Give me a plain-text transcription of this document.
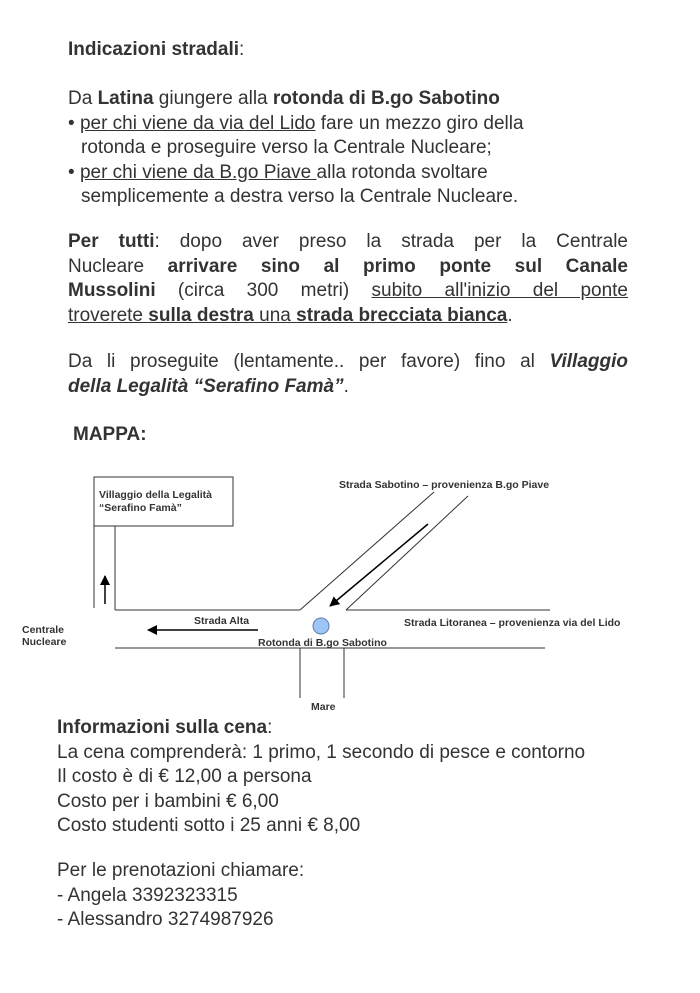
Indicazioni stradali:
Da Latina giungere alla rotonda di B.go Sabotino
• per chi viene da via del Lido fare un mezzo giro della
rotonda e proseguire verso la Centrale Nucleare;
• per chi viene da B.go Piave alla rotonda svoltare
semplicemente a destra verso la Centrale Nucleare.
Per tutti: dopo aver preso la strada per la Centrale
Nucleare arrivare sino al primo ponte sul Canale
Mussolini (circa 300 metri) subito all'inizio del ponte
troverete sulla destra una strada brecciata bianca.
Da li proseguite (lentamente.. per favore) fino al Villaggio
della Legalità “Serafino Famà”.
MAPPA:
Villaggio della Legalità
“Serafino Famà”
Strada Sabotino – provenienza B.go Piave
Strada Litoranea – provenienza via del Lido
Strada Alta
Centrale
Nucleare	Rotonda di B.go Sabotino
Mare
Informazioni sulla cena:
La cena comprenderà: 1 primo, 1 secondo di pesce e contorno
Il costo è di € 12,00 a persona
Costo per i bambini € 6,00
Costo studenti sotto i 25 anni € 8,00
Per le prenotazioni chiamare:
- Angela 3392323315
- Alessandro 3274987926
